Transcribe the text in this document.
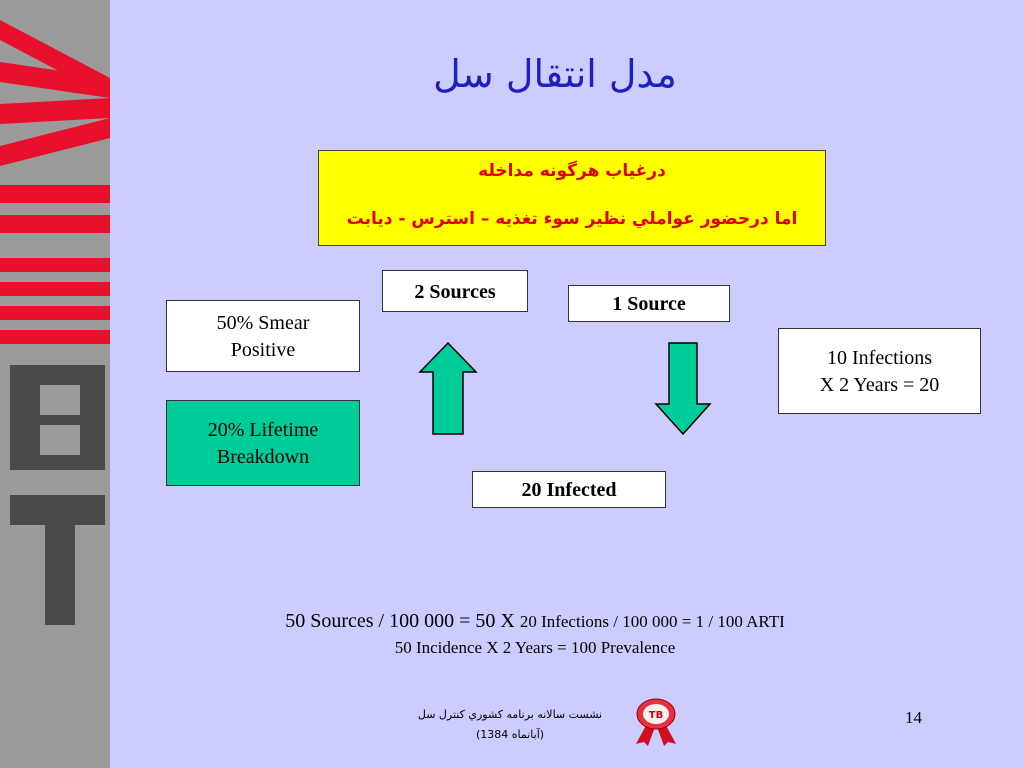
مدل انتقال سل
درغياب هرگونه مداخله
اما درحضور عواملي نظير سوء تغذيه – استرس - ديابت
2 Sources
1 Source
50% Smear
Positive
20% Lifetime
Breakdown
10 Infections
X 2 Years = 20
20 Infected
50 Sources / 100 000 = 50 X 20 Infections / 100 000 = 1 / 100 ARTI
50 Incidence X 2 Years = 100 Prevalence
نشست سالانه برنامه كشوري كنترل سل
(آبانماه 1384)
TB	14
